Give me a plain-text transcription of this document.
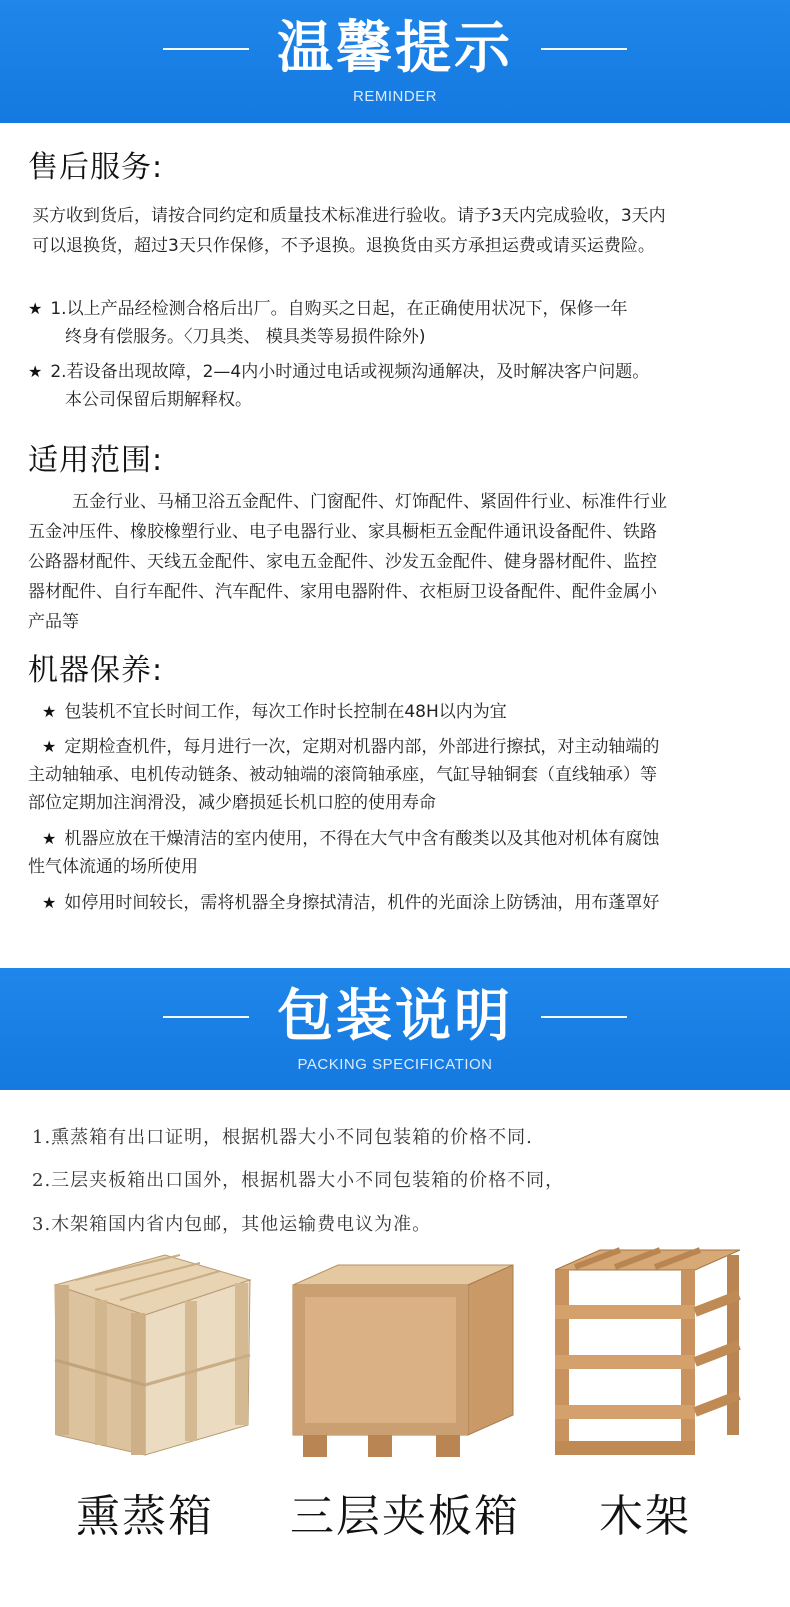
温馨提示
REMINDER
售后服务:
买方收到货后，请按合同约定和质量技术标准进行验收。请予3天内完成验收，3天内
可以退换货，超过3天只作保修，不予退换。退换货由买方承担运费或请买运费险。
★ 1.以上产品经检测合格后出厂。自购买之日起，在正确使用状况下，保修一年
终身有偿服务。〈刀具类、 模具类等易损件除外)
★ 2.若设备出现故障，2—4内小时通过电话或视频沟通解决，及时解决客户问题。
本公司保留后期解释权。
适用范围:
五金行业、马桶卫浴五金配件、门窗配件、灯饰配件、紧固件行业、标准件行业
五金冲压件、橡胶橡塑行业、电子电器行业、家具橱柜五金配件通讯设备配件、铁路
公路器材配件、天线五金配件、家电五金配件、沙发五金配件、健身器材配件、监控
器材配件、自行车配件、汽车配件、家用电器附件、衣柜厨卫设备配件、配件金属小
产品等
机器保养:
★ 包装机不宜长时间工作，每次工作时长控制在48H以内为宜
★ 定期检查机件，每月进行一次，定期对机器内部，外部进行擦拭，对主动轴端的
主动轴轴承、电机传动链条、被动轴端的滚筒轴承座，气缸导轴铜套（直线轴承）等
部位定期加注润滑没，减少磨损延长机口腔的使用寿命
★ 机器应放在干燥清洁的室内使用，不得在大气中含有酸类以及其他对机体有腐蚀
性气体流通的场所使用
★ 如停用时间较长，需将机器全身擦拭清洁，机件的光面涂上防锈油，用布蓬罩好
包装说明
PACKING SPECIFICATION
1.熏蒸箱有出口证明，根据机器大小不同包装箱的价格不同.
2.三层夹板箱出口国外，根据机器大小不同包装箱的价格不同，
3.木架箱国内省内包邮，其他运输费电议为准。
熏蒸箱	三层夹板箱	木架
